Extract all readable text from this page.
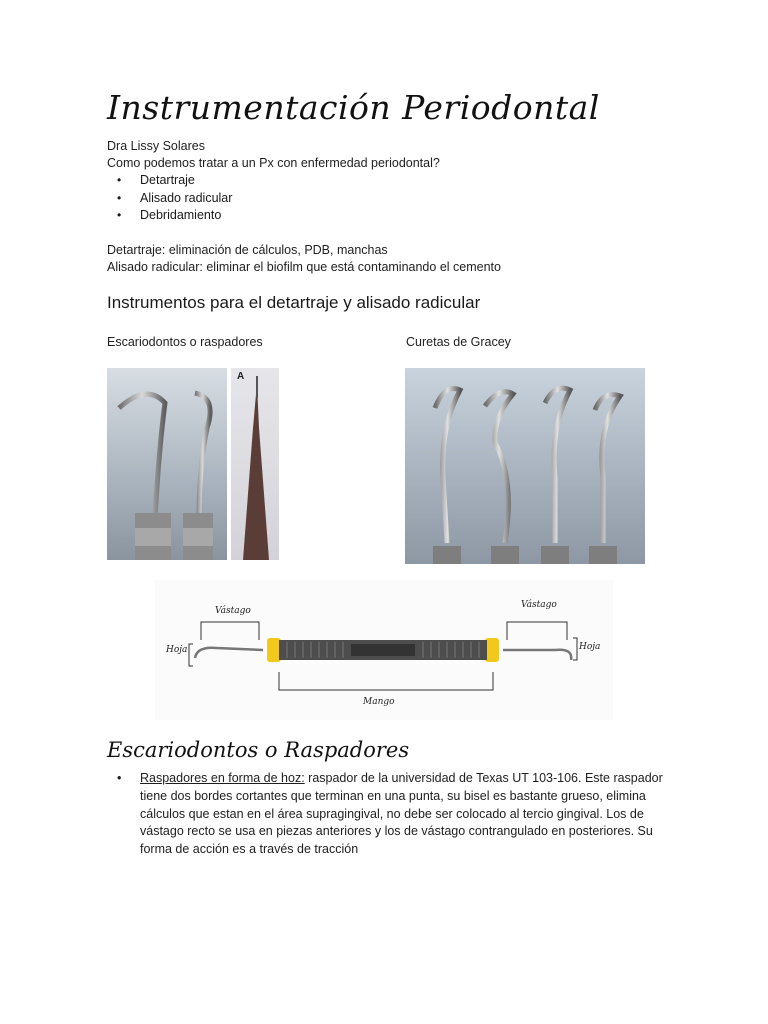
Instrumentación Periodontal
Dra Lissy Solares
Como podemos tratar a un Px con enfermedad periodontal?
• Detartraje
• Alisado radicular
• Debridamiento
Detartraje: eliminación de cálculos, PDB, manchas
Alisado radicular: eliminar el biofilm que está contaminando el cemento
Instrumentos para el detartraje y alisado radicular
Escariodontos o raspadores	Curetas de Gracey
A
Vástago
Vástago
Hoja	Hoja
Mango
Escariodontos o Raspadores
•	Raspadores en forma de hoz: raspador de la universidad de Texas UT 103-106. Este raspador
tiene dos bordes cortantes que terminan en una punta, su bisel es bastante grueso, elimina
cálculos que estan en el área supragingival, no debe ser colocado al tercio gingival. Los de
vástago recto se usa en piezas anteriores y los de vástago contrangulado en posteriores. Su
forma de acción es a través de tracción
